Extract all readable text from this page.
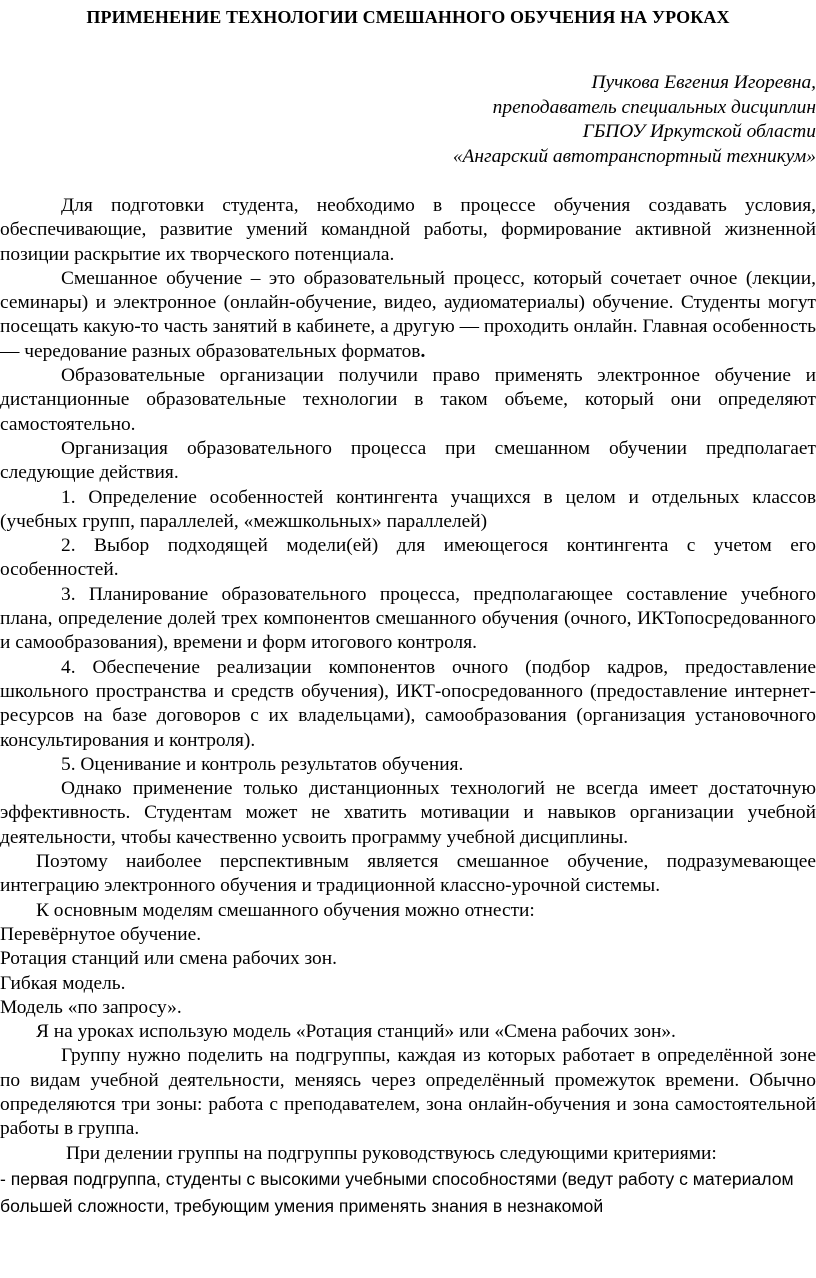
ПРИМЕНЕНИЕ ТЕХНОЛОГИИ СМЕШАННОГО ОБУЧЕНИЯ НА УРОКАХ
Пучкова Евгения Игоревна,
преподаватель специальных дисциплин
ГБПОУ Иркутской области
«Ангарский автотранспортный техникум»

Для подготовки студента, необходимо в процессе обучения создавать условия, обеспечивающие, развитие умений командной работы, формирование активной жизненной позиции раскрытие их творческого потенциала.

Смешанное обучение – это образовательный процесс, который сочетает очное (лекции, семинары) и электронное (онлайн-обучение, видео, аудиоматериалы) обучение. Студенты могут посещать какую-то часть занятий в кабинете, а другую — проходить онлайн. Главная особенность — чередование разных образовательных форматов.

Образовательные организации получили право применять электронное обучение и дистанционные образовательные технологии в таком объеме, который они определяют самостоятельно.

Организация образовательного процесса при смешанном обучении предполагает следующие действия.

1. Определение особенностей контингента учащихся в целом и отдельных классов (учебных групп, параллелей, «межшкольных» параллелей)

2. Выбор подходящей модели(ей) для имеющегося контингента с учетом его особенностей.

3. Планирование образовательного процесса, предполагающее составление учебного плана, определение долей трех компонентов смешанного обучения (очного, ИКТопосредованного и самообразования), времени и форм итогового контроля.

4. Обеспечение реализации компонентов очного (подбор кадров, предоставление школьного пространства и средств обучения), ИКТ-опосредованного (предоставление интернет-ресурсов на базе договоров с их владельцами), самообразования (организация установочного консультирования и контроля).

5. Оценивание и контроль результатов обучения.

Однако применение только дистанционных технологий не всегда имеет достаточную эффективность. Студентам может не хватить мотивации и навыков организации учебной деятельности, чтобы качественно усвоить программу учебной дисциплины.

Поэтому наиболее перспективным является смешанное обучение, подразумевающее интеграцию электронного обучения и традиционной классно-урочной системы.

К основным моделям смешанного обучения можно отнести:

Перевёрнутое обучение.

Ротация станций или смена рабочих зон.

Гибкая модель.

Модель «по запросу».

Я на уроках использую модель «Ротация станций» или «Смена рабочих зон».

Группу нужно поделить на подгруппы, каждая из которых работает в определённой зоне по видам учебной деятельности, меняясь через определённый промежуток времени. Обычно определяются три зоны: работа с преподавателем, зона онлайн-обучения и зона самостоятельной работы в группа.

При делении группы на подгруппы руководствуюсь следующими критериями:

- первая подгруппа, студенты с высокими учебными способностями (ведут работу с материалом большей сложности, требующим умения применять знания в незнакомой
